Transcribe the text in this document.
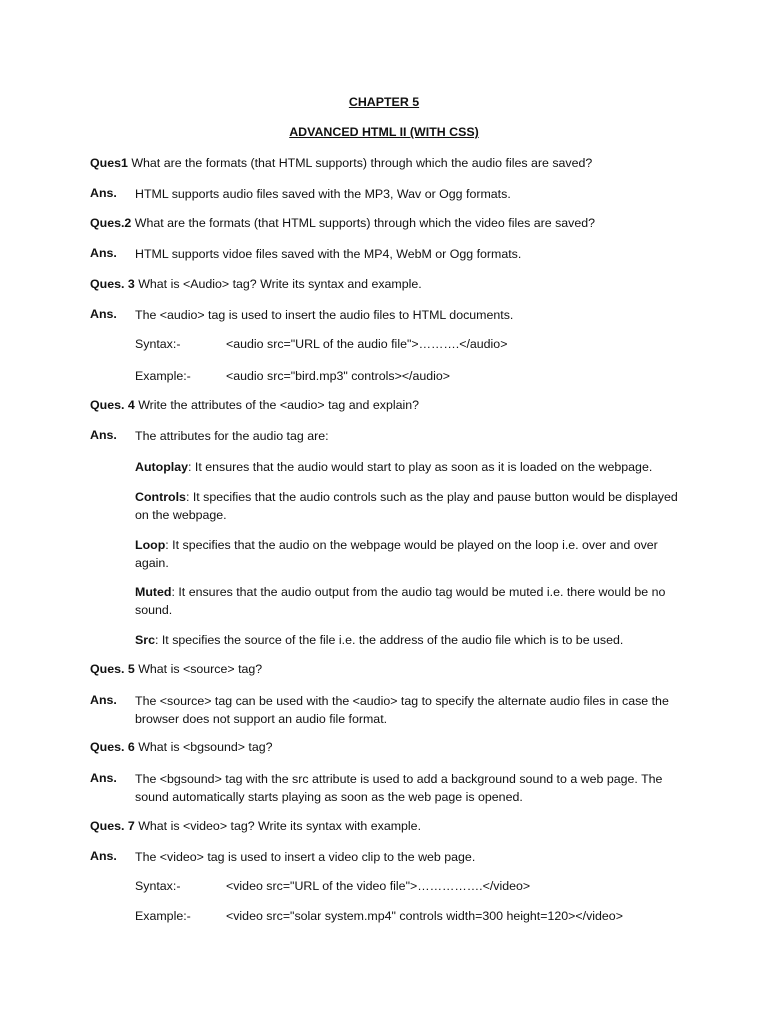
CHAPTER 5
ADVANCED HTML II (WITH CSS)
Ques1 What are the formats (that HTML supports) through which the audio files are saved?
Ans. HTML supports audio files saved with the MP3, Wav or Ogg formats.
Ques.2 What are the formats (that HTML supports) through which the video files are saved?
Ans. HTML supports vidoe files saved with the MP4, WebM or Ogg formats.
Ques. 3 What is <Audio> tag? Write its syntax and example.
Ans. The <audio> tag is used to insert the audio files to HTML documents.
Syntax:-	<audio src="URL of the audio file">……….</audio>
Example:-	<audio src="bird.mp3" controls></audio>
Ques. 4 Write the attributes of the <audio> tag and explain?
Ans. The attributes for the audio tag are:
Autoplay: It ensures that the audio would start to play as soon as it is loaded on the webpage.
Controls: It specifies that the audio controls such as the play and pause button would be displayed on the webpage.
Loop: It specifies that the audio on the webpage would be played on the loop i.e. over and over again.
Muted: It ensures that the audio output from the audio tag would be muted i.e. there would be no sound.
Src: It specifies the source of the file i.e. the address of the audio file which is to be used.
Ques. 5 What is <source> tag?
Ans. The <source> tag can be used with the <audio> tag to specify the alternate audio files in case the browser does not support an audio file format.
Ques. 6 What is <bgsound> tag?
Ans. The <bgsound> tag with the src attribute is used to add a background sound to a web page. The sound automatically starts playing as soon as the web page is opened.
Ques. 7 What is <video> tag? Write its syntax with example.
Ans. The <video> tag is used to insert a video clip to the web page.
Syntax:-	<video src="URL of the video file">…………….</video>
Example:-	<video src="solar system.mp4" controls width=300 height=120></video>
